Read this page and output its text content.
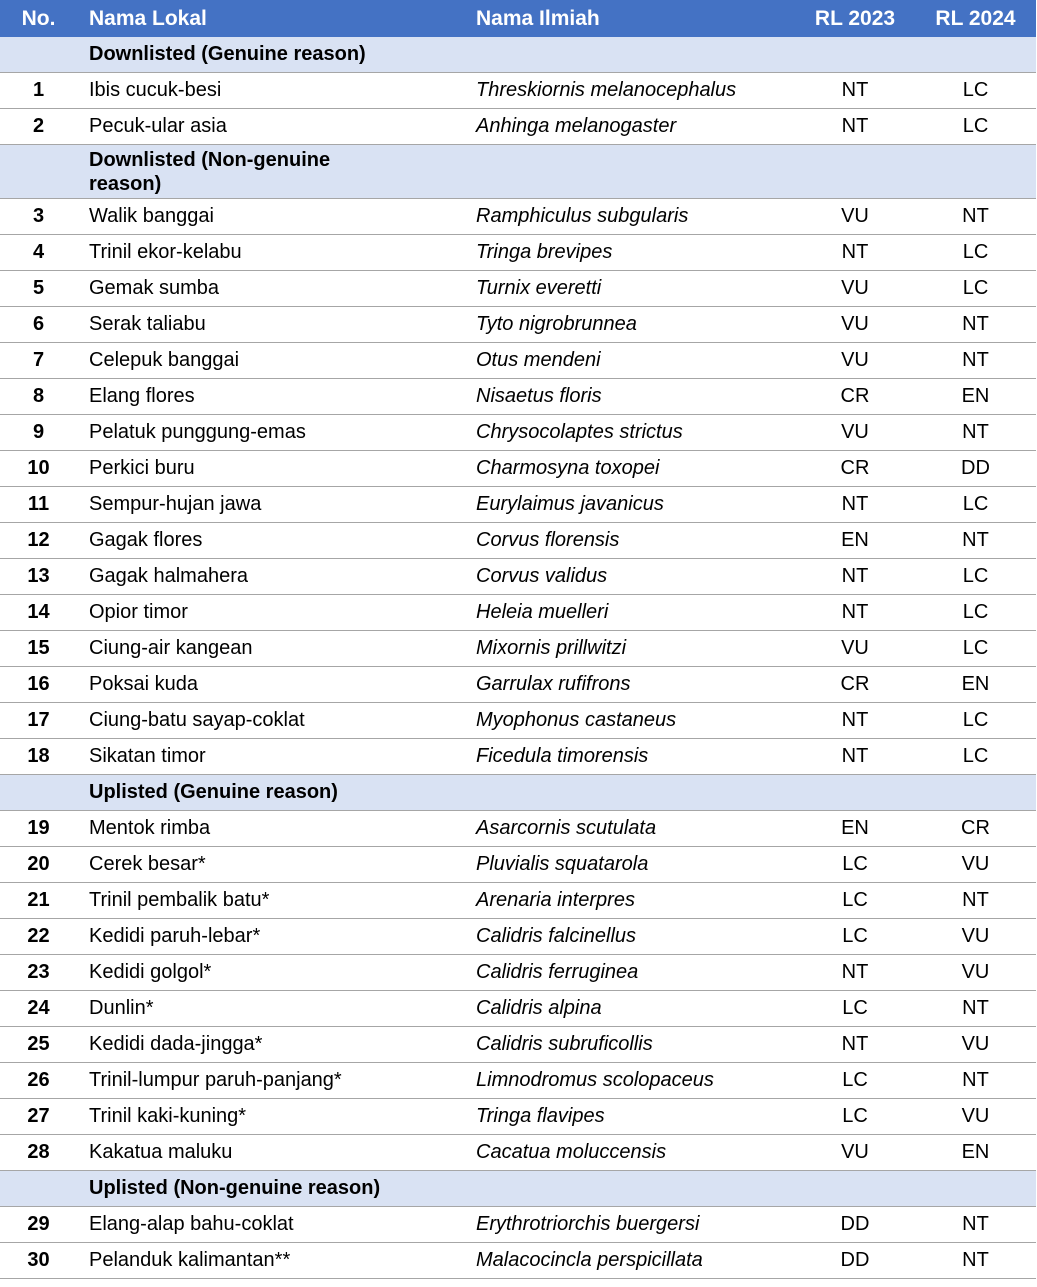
No.	Nama Lokal	Nama Ilmiah	RL 2023	RL 2024
	Downlisted (Genuine reason)			
1	Ibis cucuk-besi	Threskiornis melanocephalus	NT	LC
2	Pecuk-ular asia	Anhinga melanogaster	NT	LC
	Downlisted (Non-genuine reason)			
3	Walik banggai	Ramphiculus subgularis	VU	NT
4	Trinil ekor-kelabu	Tringa brevipes	NT	LC
5	Gemak sumba	Turnix everetti	VU	LC
6	Serak taliabu	Tyto nigrobrunnea	VU	NT
7	Celepuk banggai	Otus mendeni	VU	NT
8	Elang flores	Nisaetus floris	CR	EN
9	Pelatuk punggung-emas	Chrysocolaptes strictus	VU	NT
10	Perkici buru	Charmosyna toxopei	CR	DD
11	Sempur-hujan jawa	Eurylaimus javanicus	NT	LC
12	Gagak flores	Corvus florensis	EN	NT
13	Gagak halmahera	Corvus validus	NT	LC
14	Opior timor	Heleia muelleri	NT	LC
15	Ciung-air kangean	Mixornis prillwitzi	VU	LC
16	Poksai kuda	Garrulax rufifrons	CR	EN
17	Ciung-batu sayap-coklat	Myophonus castaneus	NT	LC
18	Sikatan timor	Ficedula timorensis	NT	LC
	Uplisted (Genuine reason)			
19	Mentok rimba	Asarcornis scutulata	EN	CR
20	Cerek besar*	Pluvialis squatarola	LC	VU
21	Trinil pembalik batu*	Arenaria interpres	LC	NT
22	Kedidi paruh-lebar*	Calidris falcinellus	LC	VU
23	Kedidi golgol*	Calidris ferruginea	NT	VU
24	Dunlin*	Calidris alpina	LC	NT
25	Kedidi dada-jingga*	Calidris subruficollis	NT	VU
26	Trinil-lumpur paruh-panjang*	Limnodromus scolopaceus	LC	NT
27	Trinil kaki-kuning*	Tringa flavipes	LC	VU
28	Kakatua maluku	Cacatua moluccensis	VU	EN
	Uplisted (Non-genuine reason)			
29	Elang-alap bahu-coklat	Erythrotriorchis buergersi	DD	NT
30	Pelanduk kalimantan**	Malacocincla perspicillata	DD	NT
